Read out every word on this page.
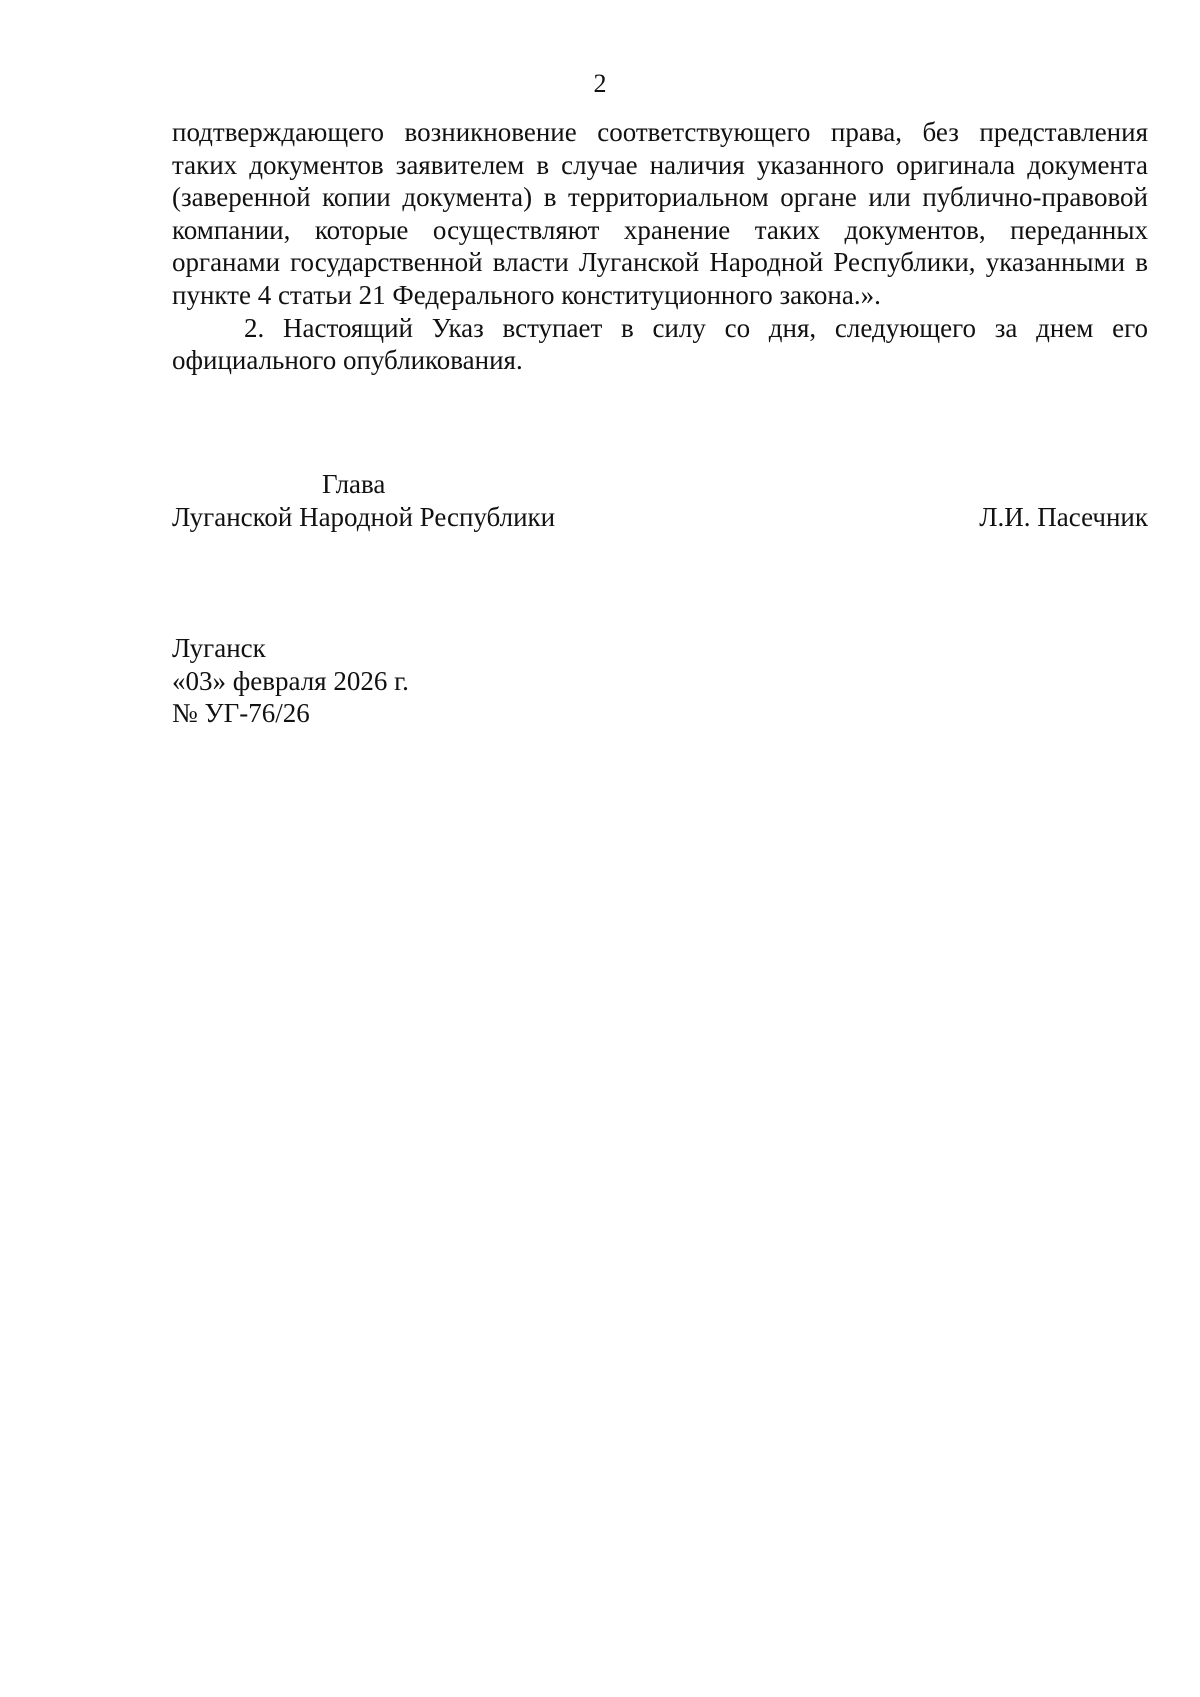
2

подтверждающего возникновение соответствующего права, без представления таких документов заявителем в случае наличия указанного оригинала документа (заверенной копии документа) в территориальном органе или публично-правовой компании, которые осуществляют хранение таких документов, переданных органами государственной власти Луганской Народной Республики, указанными в пункте 4 статьи 21 Федерального конституционного закона.».

2. Настоящий Указ вступает в силу со дня, следующего за днем его официального опубликования.

Глава
Луганской Народной Республики	Л.И. Пасечник
Луганск
«03» февраля 2026 г.
№ УГ-76/26
